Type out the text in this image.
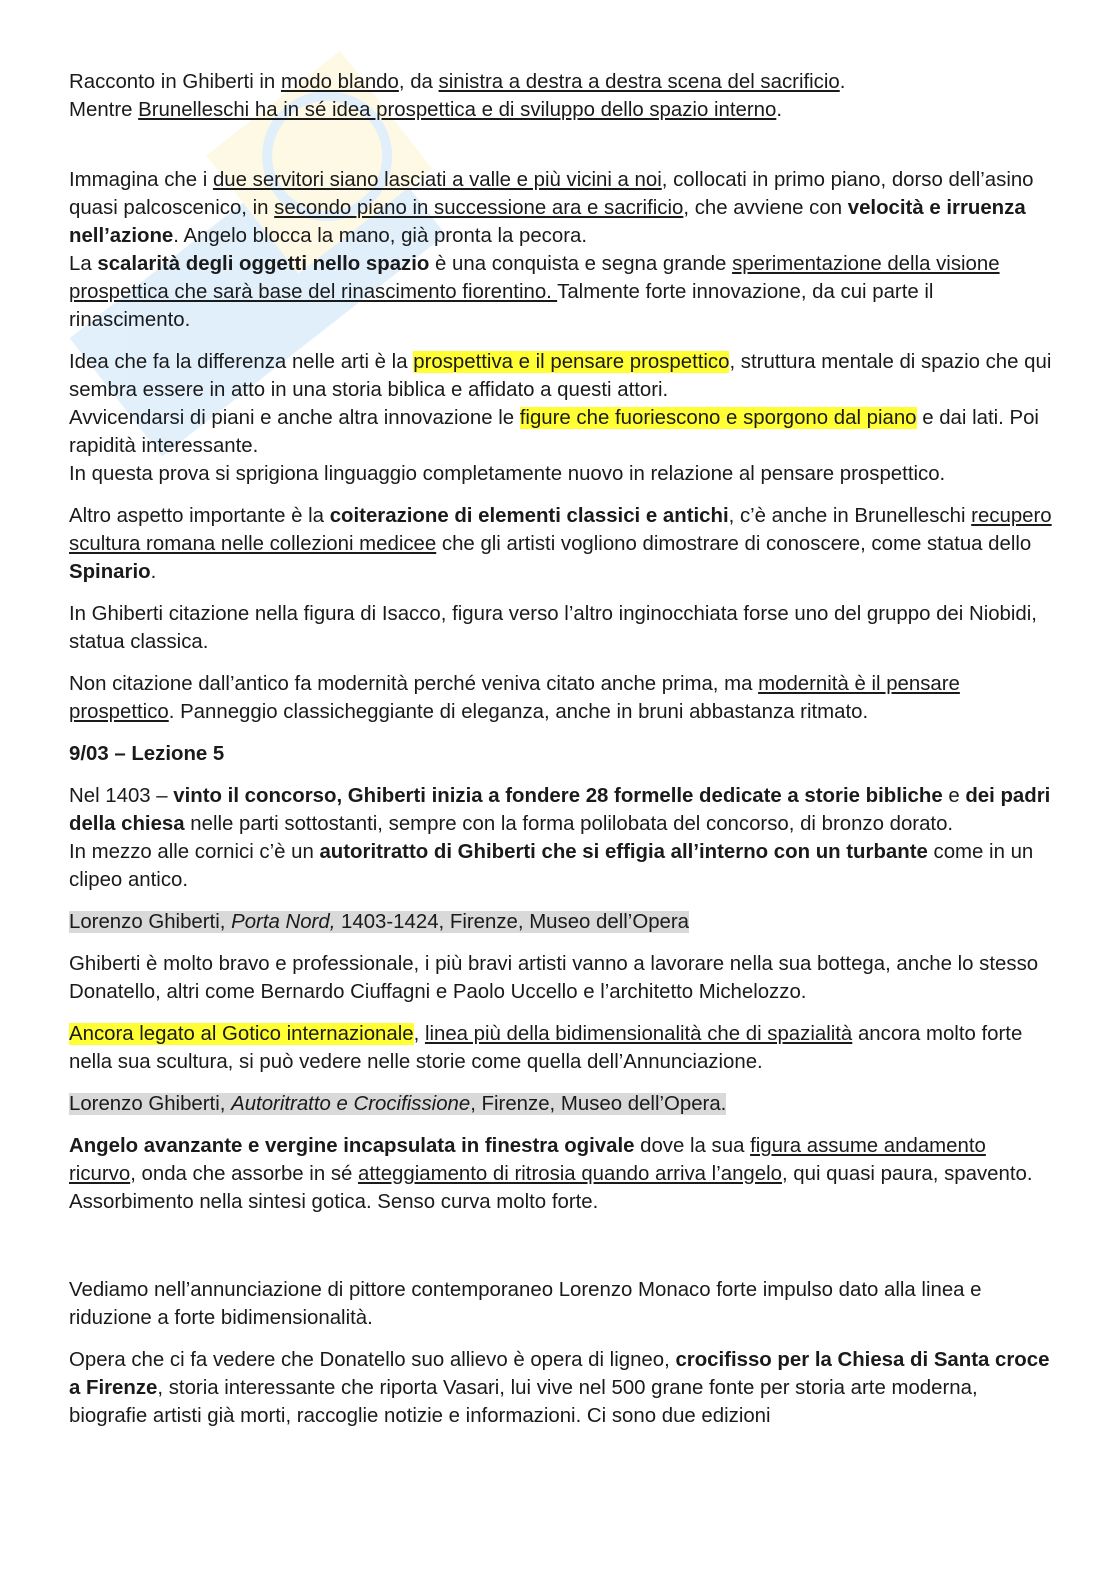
Racconto in Ghiberti in modo blando, da sinistra a destra a destra scena del sacrificio.

Mentre Brunelleschi ha in sé idea prospettica e di sviluppo dello spazio interno.

Immagina che i due servitori siano lasciati a valle e più vicini a noi, collocati in primo piano, dorso dell’asino quasi palcoscenico, in secondo piano in successione ara e sacrificio, che avviene con velocità e irruenza nell’azione. Angelo blocca la mano, già pronta la pecora.

La scalarità degli oggetti nello spazio è una conquista e segna grande sperimentazione della visione prospettica che sarà base del rinascimento fiorentino. Talmente forte innovazione, da cui parte il rinascimento.

Idea che fa la differenza nelle arti è la prospettiva e il pensare prospettico, struttura mentale di spazio che qui sembra essere in atto in una storia biblica e affidato a questi attori.

Avvicendarsi di piani e anche altra innovazione le figure che fuoriescono e sporgono dal piano e dai lati. Poi rapidità interessante.

In questa prova si sprigiona linguaggio completamente nuovo in relazione al pensare prospettico.

Altro aspetto importante è la coiterazione di elementi classici e antichi, c’è anche in Brunelleschi recupero scultura romana nelle collezioni medicee che gli artisti vogliono dimostrare di conoscere, come statua dello Spinario.

In Ghiberti citazione nella figura di Isacco, figura verso l’altro inginocchiata forse uno del gruppo dei Niobidi, statua classica.

Non citazione dall’antico fa modernità perché veniva citato anche prima, ma modernità è il pensare prospettico. Panneggio classicheggiante di eleganza, anche in bruni abbastanza ritmato.

9/03 – Lezione 5

Nel 1403 – vinto il concorso, Ghiberti inizia a fondere 28 formelle dedicate a storie bibliche e dei padri della chiesa nelle parti sottostanti, sempre con la forma polilobata del concorso, di bronzo dorato.

In mezzo alle cornici c’è un autoritratto di Ghiberti che si effigia all’interno con un turbante come in un clipeo antico.

Lorenzo Ghiberti, Porta Nord, 1403-1424, Firenze, Museo dell’Opera

Ghiberti è molto bravo e professionale, i più bravi artisti vanno a lavorare nella sua bottega, anche lo stesso Donatello, altri come Bernardo Ciuffagni e Paolo Uccello e l’architetto Michelozzo.

Ancora legato al Gotico internazionale, linea più della bidimensionalità che di spazialità ancora molto forte nella sua scultura, si può vedere nelle storie come quella dell’Annunciazione.

Lorenzo Ghiberti, Autoritratto e Crocifissione, Firenze, Museo dell’Opera.

Angelo avanzante e vergine incapsulata in finestra ogivale dove la sua figura assume andamento ricurvo, onda che assorbe in sé atteggiamento di ritrosia quando arriva l’angelo, qui quasi paura, spavento. Assorbimento nella sintesi gotica. Senso curva molto forte.

Vediamo nell’annunciazione di pittore contemporaneo Lorenzo Monaco forte impulso dato alla linea e riduzione a forte bidimensionalità.

Opera che ci fa vedere che Donatello suo allievo è opera di ligneo, crocifisso per la Chiesa di Santa croce a Firenze, storia interessante che riporta Vasari, lui vive nel 500 grane fonte per storia arte moderna, biografie artisti già morti, raccoglie notizie e informazioni. Ci sono due edizioni
